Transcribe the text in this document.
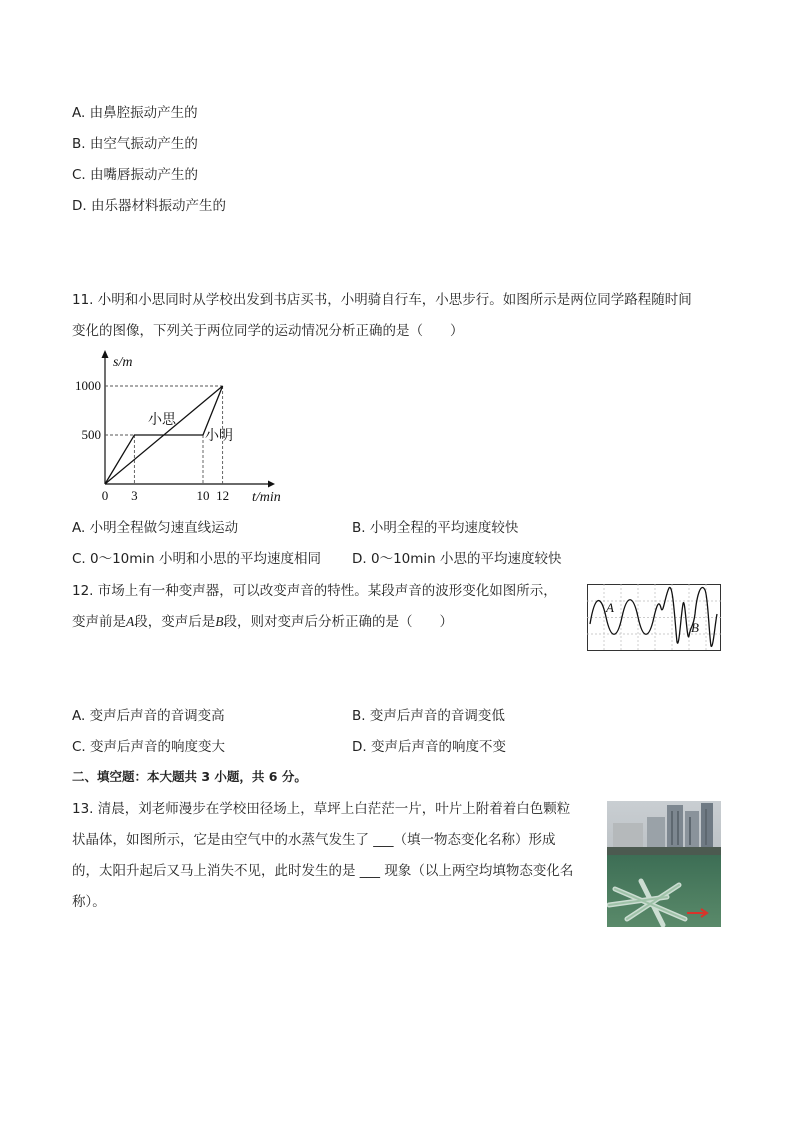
A. 由鼻腔振动产生的
B. 由空气振动产生的
C. 由嘴唇振动产生的
D. 由乐器材料振动产生的
11. 小明和小思同时从学校出发到书店买书，小明骑自行车，小思步行。如图所示是两位同学路程随时间
变化的图像，下列关于两位同学的运动情况分析正确的是（　　）
小思
小明
0 3	10 12
500
1000
s/m
t/min
A. 小明全程做匀速直线运动	B. 小明全程的平均速度较快
C. 0～10min 小明和小思的平均速度相同 D. 0～10min 小思的平均速度较快
12. 市场上有一种变声器，可以改变声音的特性。某段声音的波形变化如图所示，
变声前是A段，变声后是B段，则对变声后分析正确的是（　　）
A
B
A. 变声后声音的音调变高	B. 变声后声音的音调变低
C. 变声后声音的响度变大	D. 变声后声音的响度不变
二、填空题：本大题共 3 小题，共 6 分。
13. 清晨，刘老师漫步在学校田径场上，草坪上白茫茫一片，叶片上附着着白色颗粒
状晶体，如图所示，它是由空气中的水蒸气发生了 ___（填一物态变化名称）形成
的，太阳升起后又马上消失不见，此时发生的是 ___ 现象（以上两空均填物态变化名
称）。
